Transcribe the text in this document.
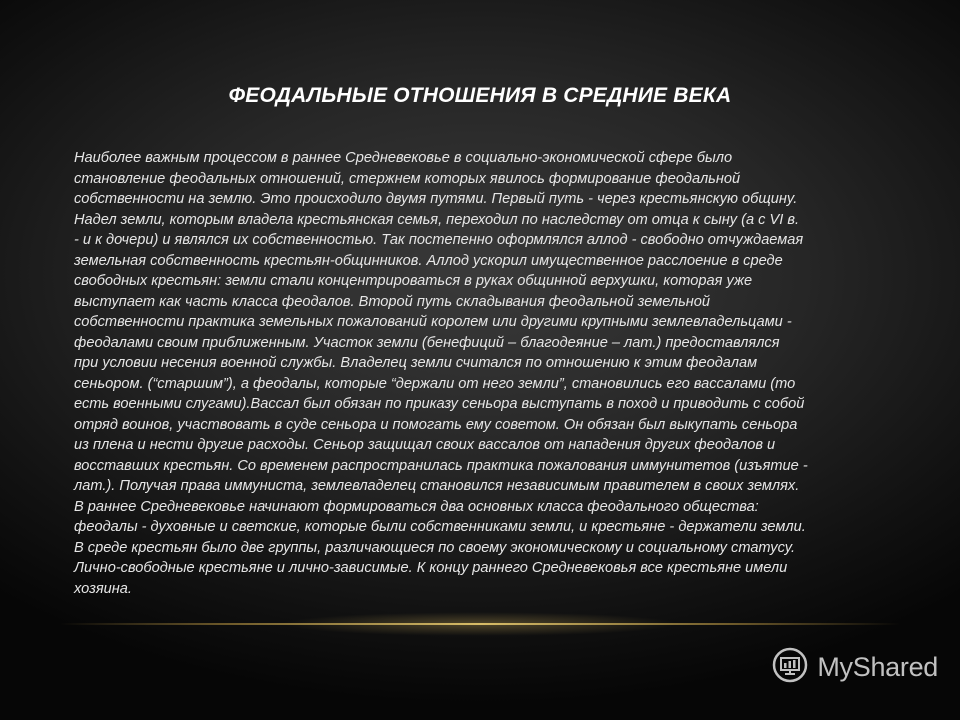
ФЕОДАЛЬНЫЕ ОТНОШЕНИЯ В СРЕДНИЕ ВЕКА
Наиболее важным процессом в раннее Средневековье в социально-экономической сфере было
становление феодальных отношений, стержнем которых явилось формирование феодальной
собственности на землю. Это происходило двумя путями. Первый путь - через крестьянскую общину.
Надел земли, которым владела крестьянская семья, переходил по наследству от отца к сыну (а с VI в.
- и к дочери) и являлся их собственностью. Так постепенно оформлялся аллод - свободно отчуждаемая
земельная собственность крестьян-общинников. Аллод ускорил имущественное расслоение в среде
свободных крестьян: земли стали концентрироваться в руках общинной верхушки, которая уже
выступает как часть класса феодалов. Второй путь складывания феодальной земельной
собственности практика земельных пожалований королем или другими крупными землевладельцами -
феодалами своим приближенным. Участок земли (бенефиций – благодеяние – лат.) предоставлялся
при условии несения военной службы. Владелец земли считался по отношению к этим феодалам
сеньором. (“старшим”), а феодалы, которые “держали от него земли”, становились его вассалами (то
есть военными слугами).Вассал был обязан по приказу сеньора выступать в поход и приводить с собой
отряд воинов, участвовать в суде сеньора и помогать ему советом. Он обязан был выкупать сеньора
из плена и нести другие расходы. Сеньор защищал своих вассалов от нападения других феодалов и
восставших крестьян. Со временем распространилась практика пожалования иммунитетов (изъятие -
лат.). Получая права иммуниста, землевладелец становился независимым правителем в своих землях.
В раннее Средневековье начинают формироваться два основных класса феодального общества:
феодалы - духовные и светские, которые были собственниками земли, и крестьяне - держатели земли.
В среде крестьян было две группы, различающиеся по своему экономическому и социальному статусу.
Лично-свободные крестьяне и лично-зависимые. К концу раннего Средневековья все крестьяне имели
хозяина.
MyShared
